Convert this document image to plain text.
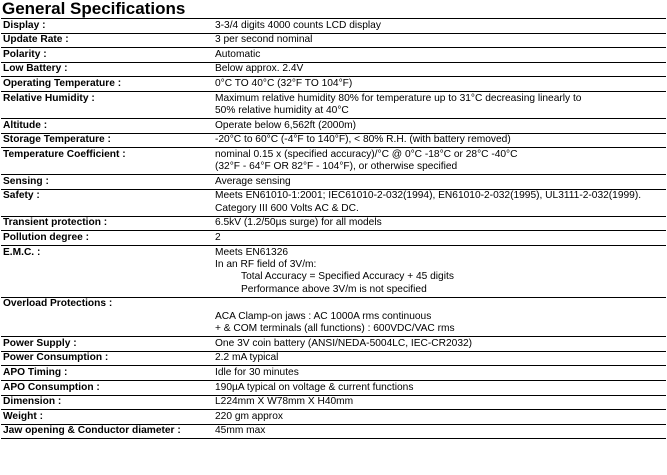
General Specifications
Display :	3-3/4 digits 4000 counts LCD display

Update Rate :	3 per second nominal

Polarity :	Automatic

Low Battery :	Below approx. 2.4V

Operating Temperature :	0°C TO 40°C (32°F TO 104°F)

Relative Humidity :	Maximum relative humidity 80% for temperature up to 31°C decreasing linearly to
50% relative humidity at 40°C

Altitude :	Operate below 6,562ft (2000m)

Storage Temperature :	-20°C to 60°C (-4°F to 140°F), < 80% R.H. (with battery removed)

Temperature Coefficient :	nominal 0.15 x (specified accuracy)/°C @ 0°C -18°C or 28°C -40°C
(32°F - 64°F OR 82°F - 104°F), or otherwise specified

Sensing :	Average sensing

Safety :	Meets EN61010-1:2001; IEC61010-2-032(1994), EN61010-2-032(1995), UL3111-2-032(1999).
Category III 600 Volts AC & DC.

Transient protection :	6.5kV (1.2/50µs surge) for all models

Pollution degree :	2

E.M.C. :	Meets EN61326
In an RF field of 3V/m:
Total Accuracy = Specified Accuracy + 45 digits
Performance above 3V/m is not specified

Overload Protections :	ACA Clamp-on jaws : AC 1000A rms continuous
+ & COM terminals (all functions) : 600VDC/VAC rms

Power Supply :	One 3V coin battery (ANSI/NEDA-5004LC, IEC-CR2032)

Power Consumption :	2.2 mA typical

APO Timing :	Idle for 30 minutes

APO Consumption :	190µA typical on voltage & current functions

Dimension :	L224mm X W78mm X H40mm

Weight :	220 gm approx

Jaw opening & Conductor diameter :	45mm max
